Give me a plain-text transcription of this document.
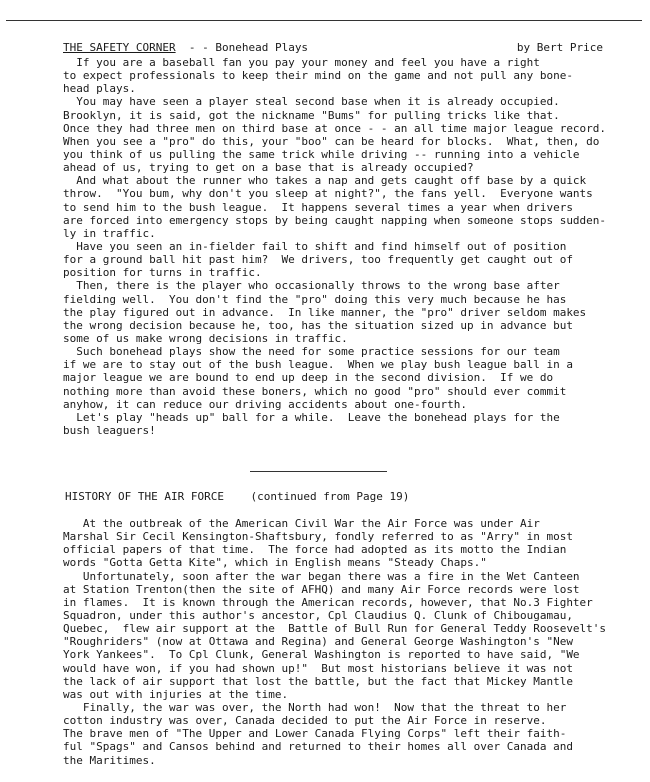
THE SAFETY CORNER - - Bonehead Plays	by Bert Price
If you are a baseball fan you pay your money and feel you have a right
to expect professionals to keep their mind on the game and not pull any bone-
head plays.
You may have seen a player steal second base when it is already occupied.
Brooklyn, it is said, got the nickname "Bums" for pulling tricks like that.
Once they had three men on third base at once - - an all time major league record.
When you see a "pro" do this, your "boo" can be heard for blocks.  What, then, do
you think of us pulling the same trick while driving -- running into a vehicle
ahead of us, trying to get on a base that is already occupied?
And what about the runner who takes a nap and gets caught off base by a quick
throw.  "You bum, why don't you sleep at night?", the fans yell.  Everyone wants
to send him to the bush league.  It happens several times a year when drivers
are forced into emergency stops by being caught napping when someone stops sudden-
ly in traffic.
Have you seen an in-fielder fail to shift and find himself out of position
for a ground ball hit past him?  We drivers, too frequently get caught out of
position for turns in traffic.
Then, there is the player who occasionally throws to the wrong base after
fielding well.  You don't find the "pro" doing this very much because he has
the play figured out in advance.  In like manner, the "pro" driver seldom makes
the wrong decision because he, too, has the situation sized up in advance but
some of us make wrong decisions in traffic.
Such bonehead plays show the need for some practice sessions for our team
if we are to stay out of the bush league.  When we play bush league ball in a
major league we are bound to end up deep in the second division.  If we do
nothing more than avoid these boners, which no good "pro" should ever commit
anyhow, it can reduce our driving accidents about one-fourth.
Let's play "heads up" ball for a while.  Leave the bonehead plays for the
bush leaguers!
HISTORY OF THE AIR FORCE (continued from Page 19)
At the outbreak of the American Civil War the Air Force was under Air
Marshal Sir Cecil Kensington-Shaftsbury, fondly referred to as "Arry" in most
official papers of that time.  The force had adopted as its motto the Indian
words "Gotta Getta Kite", which in English means "Steady Chaps."
Unfortunately, soon after the war began there was a fire in the Wet Canteen
at Station Trenton(then the site of AFHQ) and many Air Force records were lost
in flames.  It is known through the American records, however, that No.3 Fighter
Squadron, under this author's ancestor, Cpl Claudius Q. Clunk of Chibougamau,
Quebec,  flew air support at the  Battle of Bull Run for General Teddy Roosevelt's
"Roughriders" (now at Ottawa and Regina) and General George Washington's "New
York Yankees".  To Cpl Clunk, General Washington is reported to have said, "We
would have won, if you had shown up!"  But most historians believe it was not
the lack of air support that lost the battle, but the fact that Mickey Mantle
was out with injuries at the time.
Finally, the war was over, the North had won!  Now that the threat to her
cotton industry was over, Canada decided to put the Air Force in reserve.
The brave men of "The Upper and Lower Canada Flying Corps" left their faith-
ful "Spags" and Cansos behind and returned to their homes all over Canada and
the Maritimes.
